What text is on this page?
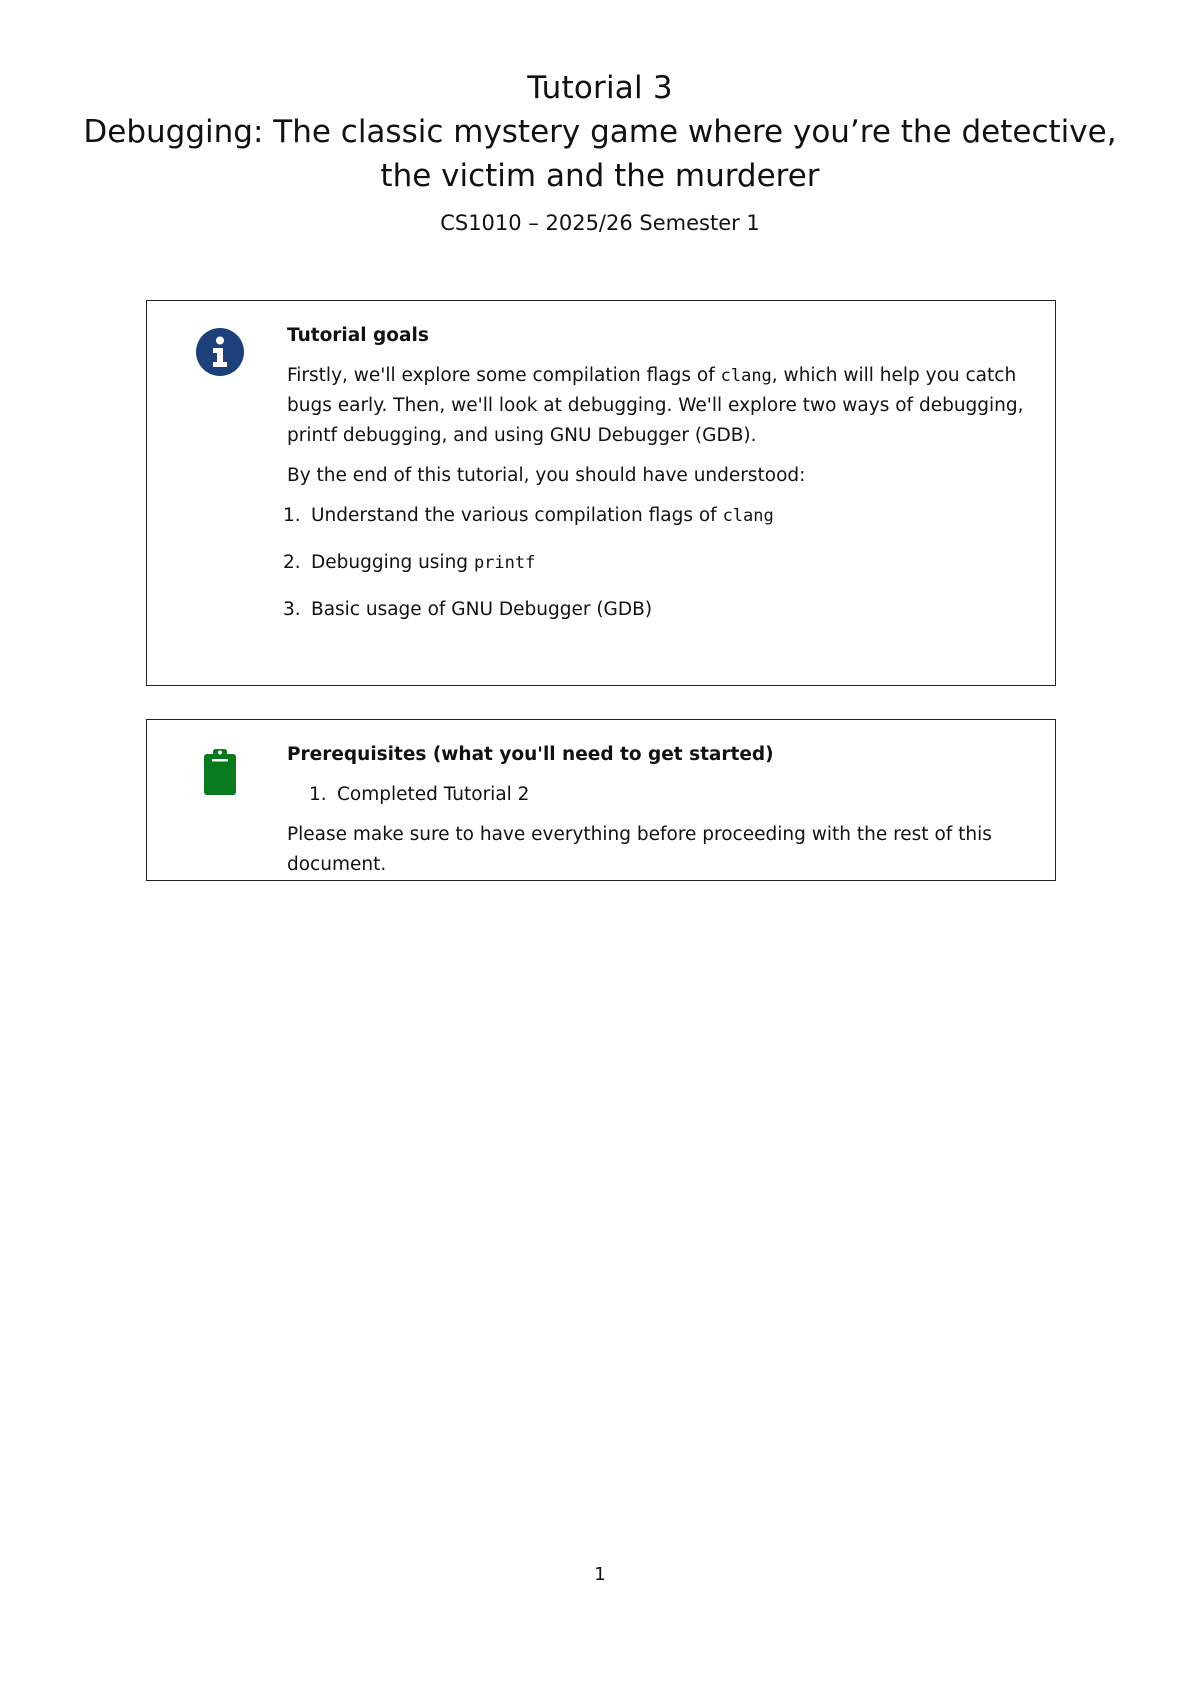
Tutorial 3

Debugging: The classic mystery game where you’re the detective,

the victim and the murderer

CS1010 – 2025/26 Semester 1

Tutorial goals

Firstly, we'll explore some compilation flags of clang, which will help you catch bugs early. Then, we'll look at debugging. We'll explore two ways of debugging, printf debugging, and using GNU Debugger (GDB).

By the end of this tutorial, you should have understood:

1. Understand the various compilation flags of clang
2. Debugging using printf
3. Basic usage of GNU Debugger (GDB)

Prerequisites (what you'll need to get started)

1. Completed Tutorial 2

Please make sure to have everything before proceeding with the rest of this document.

1
